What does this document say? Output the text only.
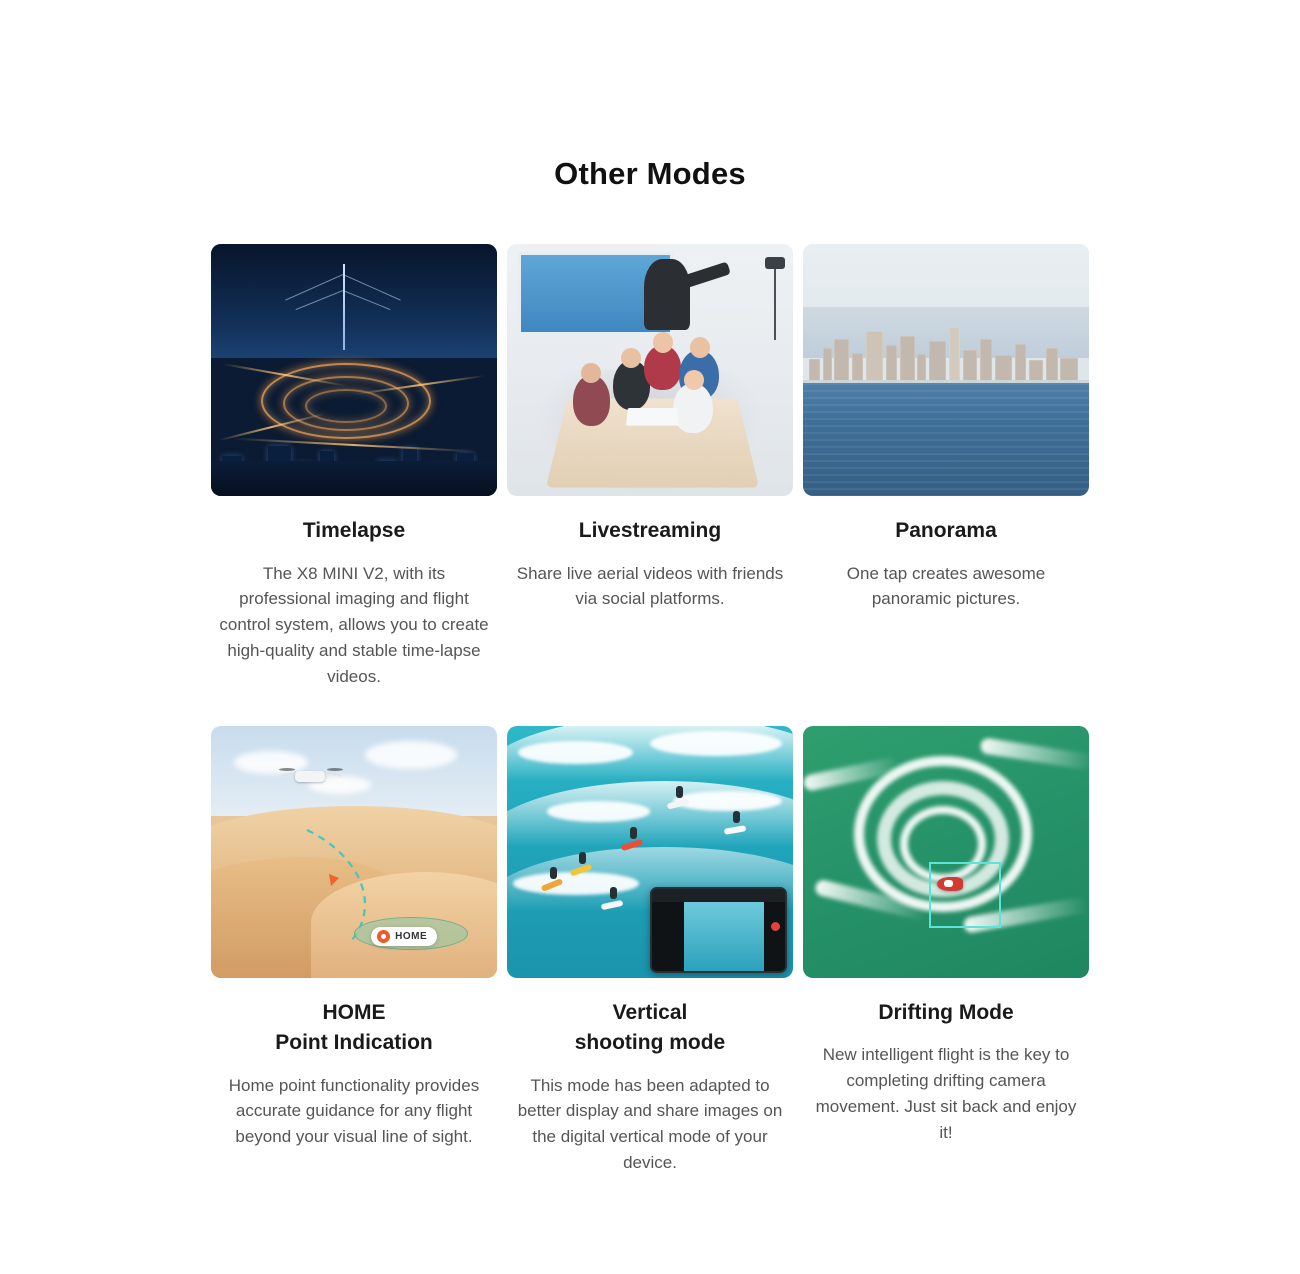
Other Modes
Timelapse
The X8 MINI V2, with its professional imaging and flight control system, allows you to create high-quality and stable time-lapse videos.
Livestreaming
Share live aerial videos with friends via social platforms.
Panorama
One tap creates awesome panoramic pictures.
HOME
HOME
Point Indication
Home point functionality provides accurate guidance for any flight beyond your visual line of sight.
Vertical
shooting mode
This mode has been adapted to better display and share images on the digital vertical mode of your device.
Drifting Mode
New intelligent flight is the key to completing drifting camera movement. Just sit back and enjoy it!
